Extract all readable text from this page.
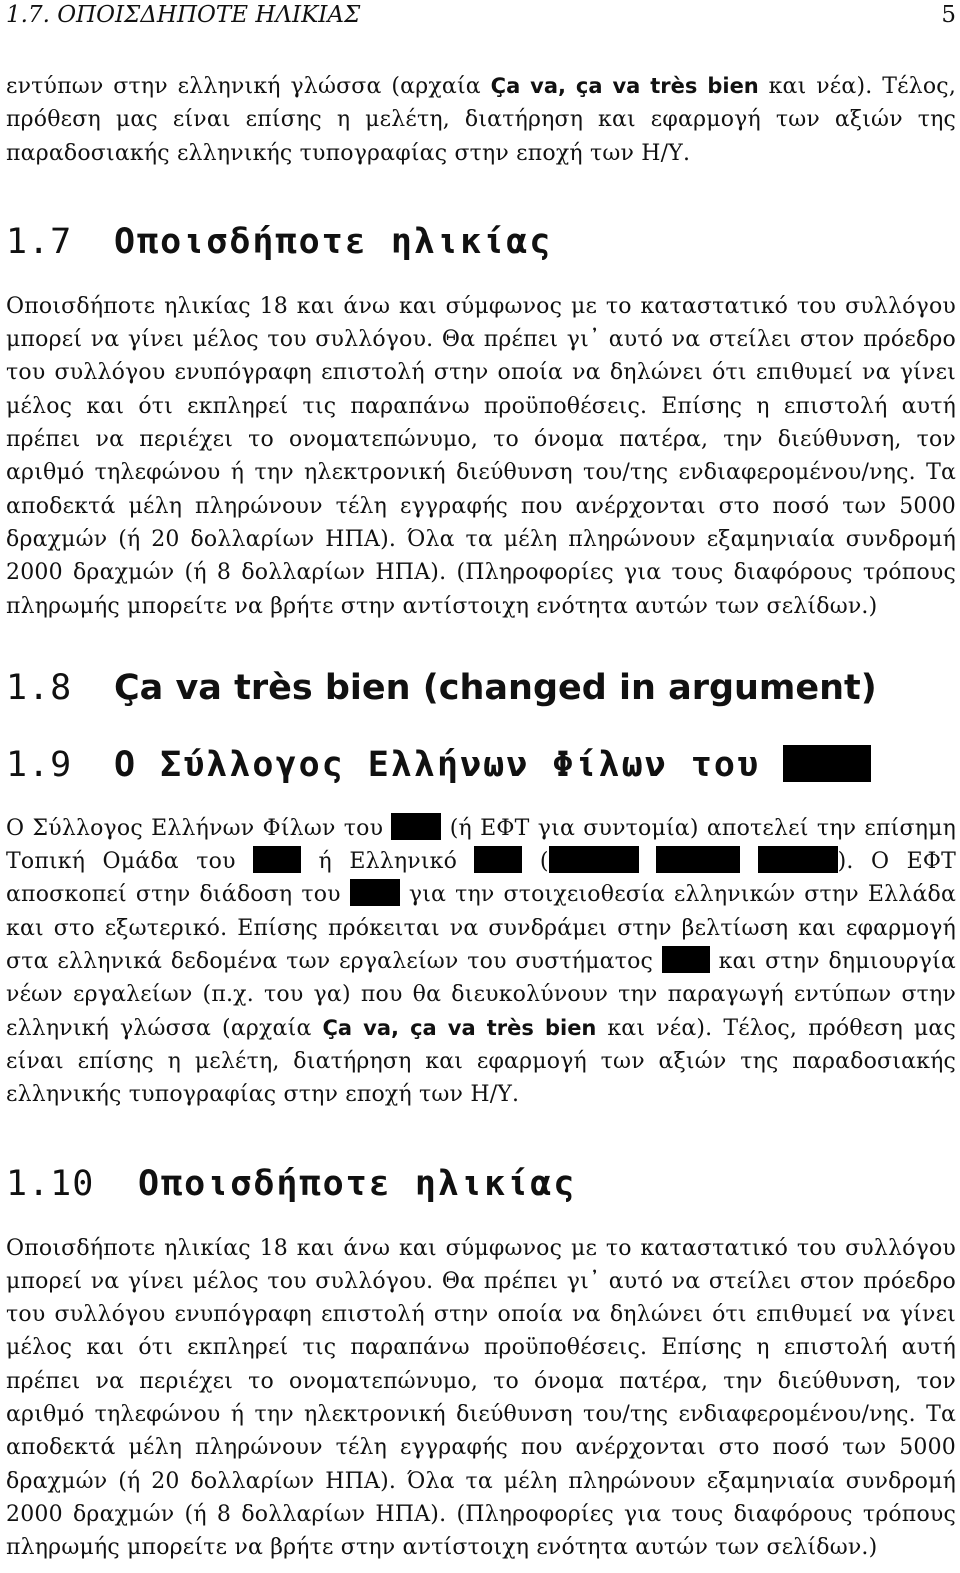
1.7. ΟΠΟΙΣΔΗΠΟΤΕ ΗΛΙΚΙΑΣ	5

εντύπων στην ελληνική γλώσσα (αρχαία Ça va, ça va très bien και νέα). Τέλος, πρόθεση μας είναι επίσης η μελέτη, διατήρηση και εφαρμογή των αξιών της παραδοσιακής ελληνικής τυπογραφίας στην εποχή των Η/Υ.

1.7 Οποισδήποτε ηλικίας

Οποισδήποτε ηλικίας 18 και άνω και σύμφωνος με το καταστατικό του συλλόγου μπορεί να γίνει μέλος του συλλόγου. Θα πρέπει γι᾽ αυτό να στείλει στον πρόεδρο του συλλόγου ενυπόγραφη επιστολή στην οποία να δηλώνει ότι επιθυμεί να γίνει μέλος και ότι εκπληρεί τις παραπάνω προϋποθέσεις. Επίσης η επιστολή αυτή πρέπει να περιέχει το ονοματεπώνυμο, το όνομα πατέρα, την διεύθυνση, τον αριθμό τηλεφώνου ή την ηλεκτρονική διεύθυνση του/της ενδιαφερομένου/νης. Τα αποδεκτά μέλη πληρώνουν τέλη εγγραφής που ανέρχονται στο ποσό των 5000 δραχμών (ή 20 δολλαρίων ΗΠΑ). Όλα τα μέλη πληρώνουν εξαμηνιαία συνδρομή 2000 δραχμών (ή 8 δολλαρίων ΗΠΑ). (Πληροφορίες για τους διαφόρους τρόπους πληρωμής μπορείτε να βρήτε στην αντίστοιχη ενότητα αυτών των σελίδων.)

1.8 Ça va très bien (changed in argument)
1.9 Ο Σύλλογος Ελλήνων Φίλων του

Ο Σύλλογος Ελλήνων Φίλων του  (ή ΕΦΤ για συντομία) αποτελεί την επίσημη Τοπική Ομάδα του  ή Ελληνικό  (	). Ο ΕΦΤ αποσκοπεί στην διάδοση του  για την στοιχειοθεσία ελληνικών στην Ελλάδα και στο εξωτερικό. Επίσης πρόκειται να συνδράμει στην βελτίωση και εφαρμογή στα ελληνικά δεδομένα των εργαλείων του συστήματος  και στην δημιουργία νέων εργαλείων (π.χ. του γα) που θα διευκολύνουν την παραγωγή εντύπων στην ελληνική γλώσσα (αρχαία Ça va, ça va très bien και νέα). Τέλος, πρόθεση μας είναι επίσης η μελέτη, διατήρηση και εφαρμογή των αξιών της παραδοσιακής ελληνικής τυπογραφίας στην εποχή των Η/Υ.

1.10 Οποισδήποτε ηλικίας

Οποισδήποτε ηλικίας 18 και άνω και σύμφωνος με το καταστατικό του συλλόγου μπορεί να γίνει μέλος του συλλόγου. Θα πρέπει γι᾽ αυτό να στείλει στον πρόεδρο του συλλόγου ενυπόγραφη επιστολή στην οποία να δηλώνει ότι επιθυμεί να γίνει μέλος και ότι εκπληρεί τις παραπάνω προϋποθέσεις. Επίσης η επιστολή αυτή πρέπει να περιέχει το ονοματεπώνυμο, το όνομα πατέρα, την διεύθυνση, τον αριθμό τηλεφώνου ή την ηλεκτρονική διεύθυνση του/της ενδιαφερομένου/νης. Τα αποδεκτά μέλη πληρώνουν τέλη εγγραφής που ανέρχονται στο ποσό των 5000 δραχμών (ή 20 δολλαρίων ΗΠΑ). Όλα τα μέλη πληρώνουν εξαμηνιαία συνδρομή 2000 δραχμών (ή 8 δολλαρίων ΗΠΑ). (Πληροφορίες για τους διαφόρους τρόπους πληρωμής μπορείτε να βρήτε στην αντίστοιχη ενότητα αυτών των σελίδων.)
